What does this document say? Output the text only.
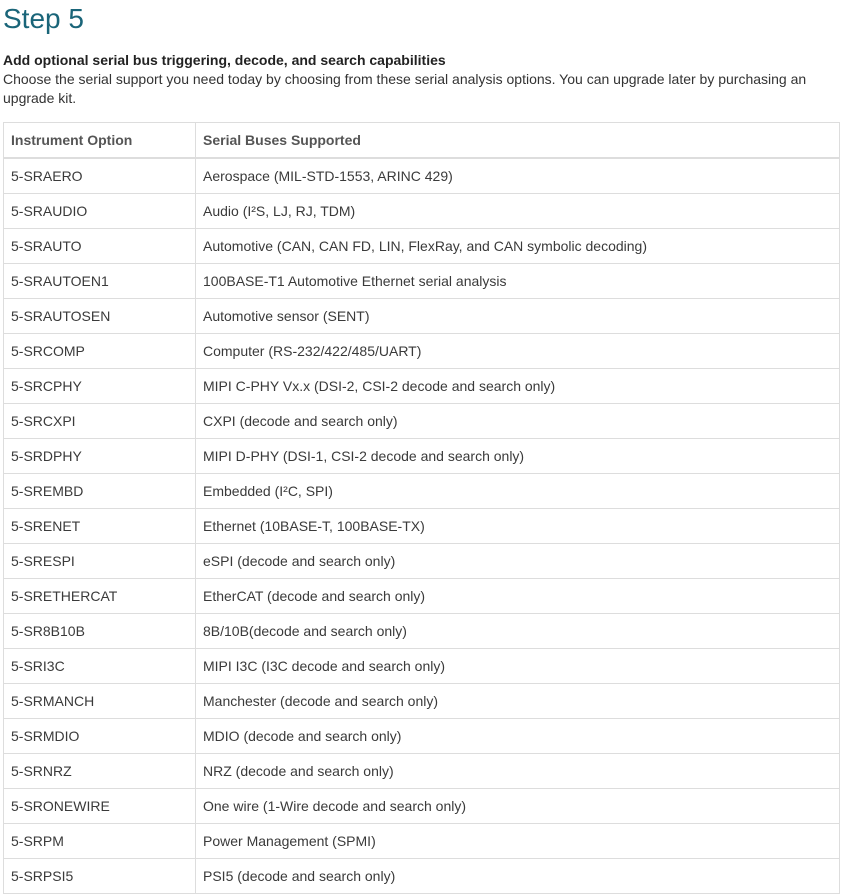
Step 5
Add optional serial bus triggering, decode, and search capabilities
Choose the serial support you need today by choosing from these serial analysis options. You can upgrade later by purchasing an upgrade kit.
Instrument Option	Serial Buses Supported
5-SRAERO	Aerospace (MIL-STD-1553, ARINC 429)
5-SRAUDIO	Audio (I²S, LJ, RJ, TDM)
5-SRAUTO	Automotive (CAN, CAN FD, LIN, FlexRay, and CAN symbolic decoding)
5-SRAUTOEN1	100BASE-T1 Automotive Ethernet serial analysis
5-SRAUTOSEN	Automotive sensor (SENT)
5-SRCOMP	Computer (RS-232/422/485/UART)
5-SRCPHY	MIPI C-PHY Vx.x (DSI-2, CSI-2 decode and search only)
5-SRCXPI	CXPI (decode and search only)
5-SRDPHY	MIPI D-PHY (DSI-1, CSI-2 decode and search only)
5-SREMBD	Embedded (I²C, SPI)
5-SRENET	Ethernet (10BASE-T, 100BASE-TX)
5-SRESPI	eSPI (decode and search only)
5-SRETHERCAT	EtherCAT (decode and search only)
5-SR8B10B	8B/10B(decode and search only)
5-SRI3C	MIPI I3C (I3C decode and search only)
5-SRMANCH	Manchester (decode and search only)
5-SRMDIO	MDIO (decode and search only)
5-SRNRZ	NRZ (decode and search only)
5-SRONEWIRE	One wire (1-Wire decode and search only)
5-SRPM	Power Management (SPMI)
5-SRPSI5	PSI5 (decode and search only)
